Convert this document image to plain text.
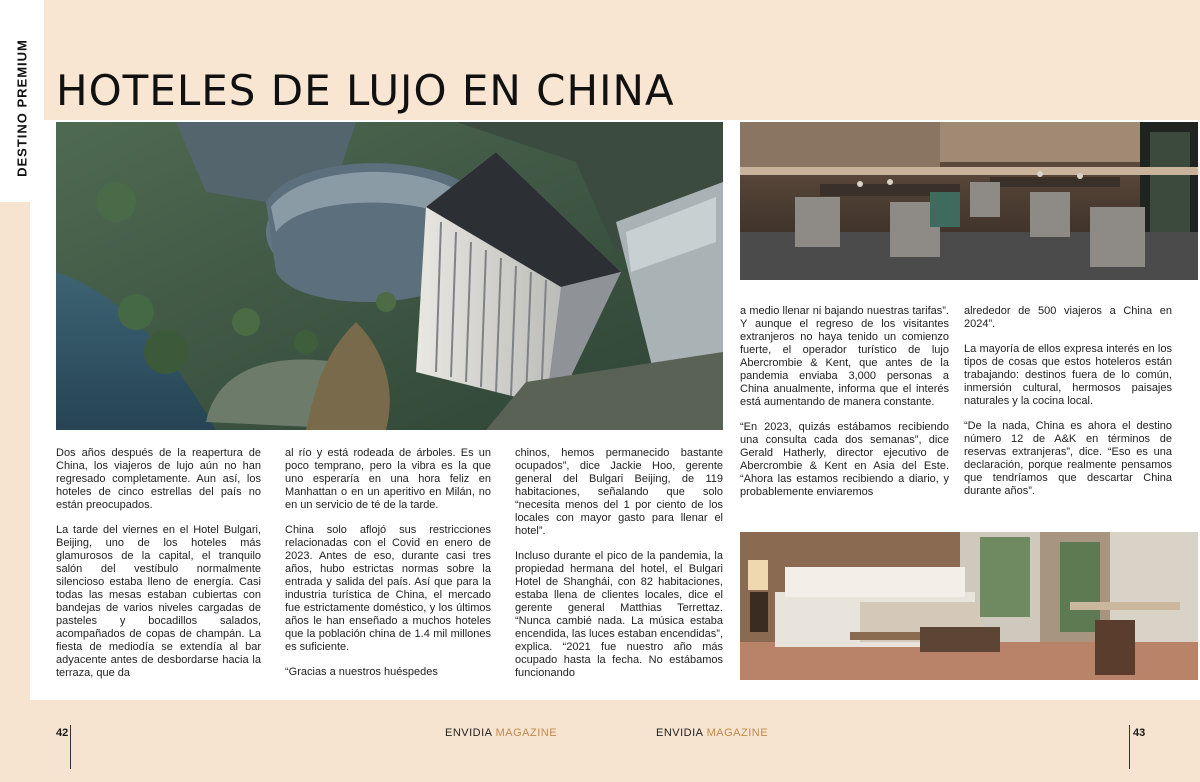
DESTINO PREMIUM HOTELES DE LUJO EN CHINA

Dos años después de la reapertura de China, los viajeros de lujo aún no han regresado completamente. Aun así, los hoteles de cinco estrellas del país no están preocupados.

La tarde del viernes en el Hotel Bulgari, Beijing, uno de los hoteles más glamurosos de la capital, el tranquilo salón del vestíbulo normalmente silencioso estaba lleno de energía. Casi todas las mesas estaban cubiertas con bandejas de varios niveles cargadas de pasteles y bocadillos salados, acompañados de copas de champán. La fiesta de mediodía se extendía al bar adyacente antes de desbordarse hacia la terraza, que da

al río y está rodeada de árboles. Es un poco temprano, pero la vibra es la que uno esperaría en una hora feliz en Manhattan o en un aperitivo en Milán, no en un servicio de té de la tarde.

China solo aflojó sus restricciones relacionadas con el Covid en enero de 2023. Antes de eso, durante casi tres años, hubo estrictas normas sobre la entrada y salida del país. Así que para la industria turística de China, el mercado fue estrictamente doméstico, y los últimos años le han enseñado a muchos hoteles que la población china de 1.4 mil millones es suficiente.

“Gracias a nuestros huéspedes

chinos, hemos permanecido bastante ocupados”, dice Jackie Hoo, gerente general del Bulgari Beijing, de 119 habitaciones, señalando que solo “necesita menos del 1 por ciento de los locales con mayor gasto para llenar el hotel”.

Incluso durante el pico de la pandemia, la propiedad hermana del hotel, el Bulgari Hotel de Shanghái, con 82 habitaciones, estaba llena de clientes locales, dice el gerente general Matthias Terrettaz. “Nunca cambié nada. La música estaba encendida, las luces estaban encendidas”, explica. “2021 fue nuestro año más ocupado hasta la fecha. No estábamos funcionando

a medio llenar ni bajando nuestras tarifas”. Y aunque el regreso de los visitantes extranjeros no haya tenido un comienzo fuerte, el operador turístico de lujo Abercrombie & Kent, que antes de la pandemia enviaba 3,000 personas a China anualmente, informa que el interés está aumentando de manera constante.

“En 2023, quizás estábamos recibiendo una consulta cada dos semanas”, dice Gerald Hatherly, director ejecutivo de Abercrombie & Kent en Asia del Este. “Ahora las estamos recibiendo a diario, y probablemente enviaremos

alrededor de 500 viajeros a China en 2024”.

La mayoría de ellos expresa interés en los tipos de cosas que estos hoteleros están trabajando: destinos fuera de lo común, inmersión cultural, hermosos paisajes naturales y la cocina local.

“De la nada, China es ahora el destino número 12 de A&K en términos de reservas extranjeras”, dice. “Eso es una declaración, porque realmente pensamos que tendríamos que descartar China durante años”.

42	ENVIDIA MAGAZINE	ENVIDIA MAGAZINE	43
